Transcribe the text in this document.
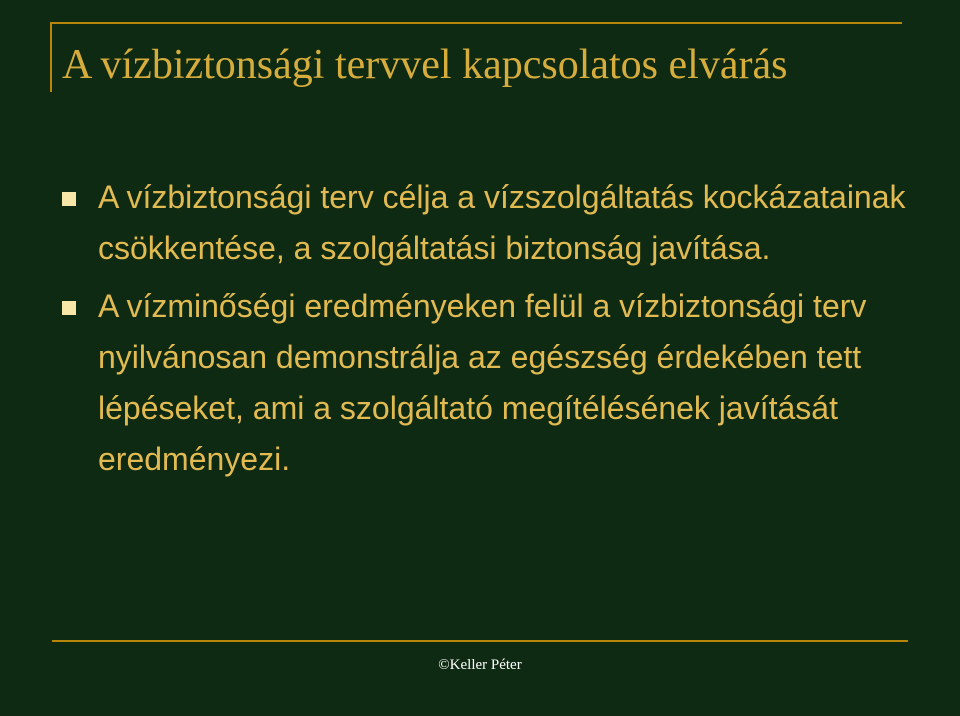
A vízbiztonsági tervvel kapcsolatos elvárás
A vízbiztonsági terv célja a vízszolgáltatás kockázatainak csökkentése, a szolgáltatási biztonság javítása.
A vízminőségi eredményeken felül a vízbiztonsági terv nyilvánosan demonstrálja az egészség érdekében tett lépéseket, ami a szolgáltató megítélésének javítását eredményezi.
©Keller Péter
